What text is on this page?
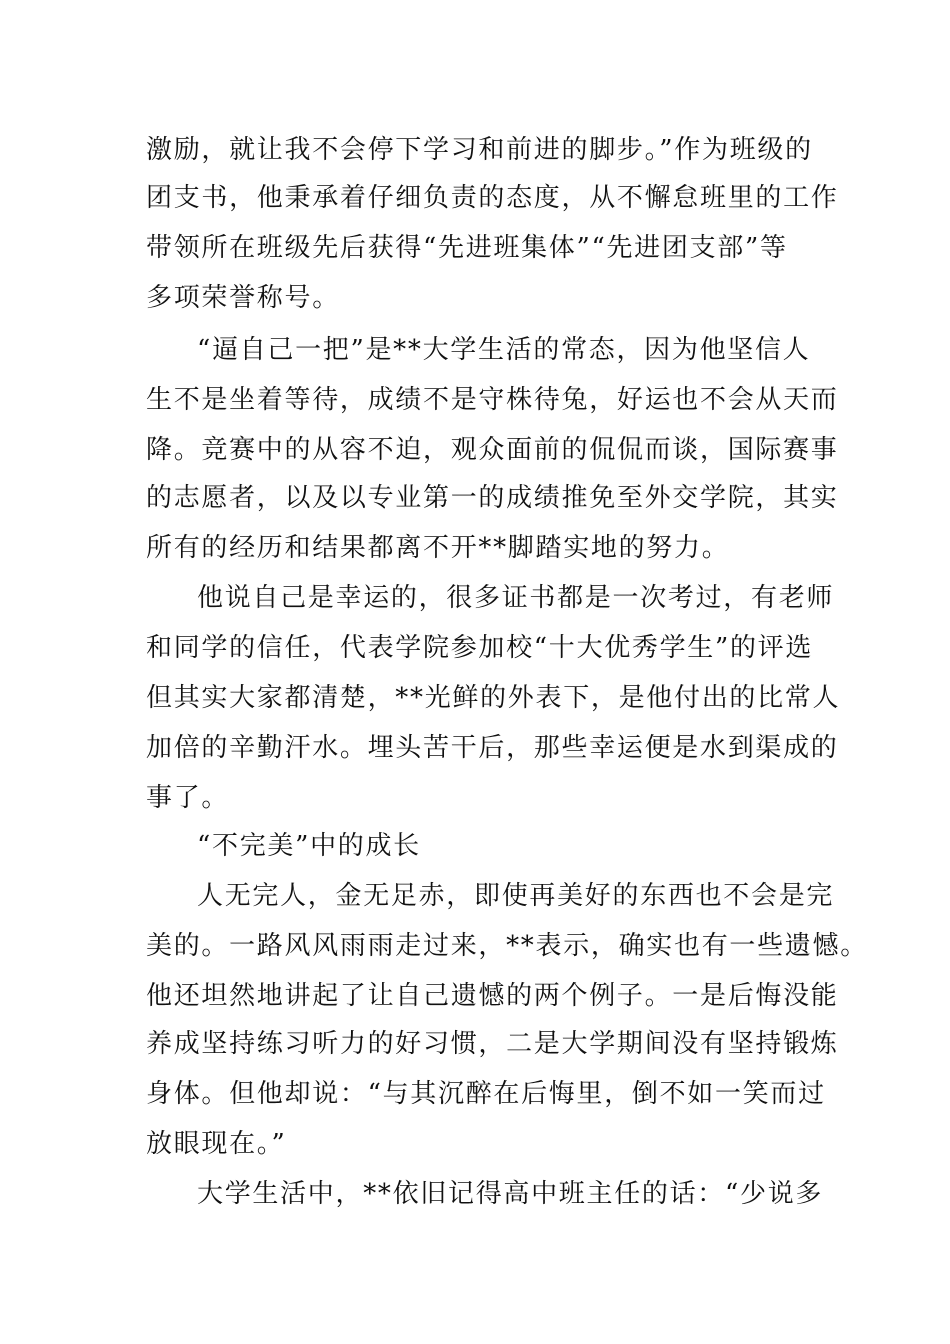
激励，就让我不会停下学习和前进的脚步。”作为班级的
团支书，他秉承着仔细负责的态度，从不懈怠班里的工作
带领所在班级先后获得“先进班集体”“先进团支部”等
多项荣誉称号。
“逼自己一把”是**大学生活的常态，因为他坚信人
生不是坐着等待，成绩不是守株待兔，好运也不会从天而
降。竞赛中的从容不迫，观众面前的侃侃而谈，国际赛事
的志愿者，以及以专业第一的成绩推免至外交学院，其实
所有的经历和结果都离不开**脚踏实地的努力。
他说自己是幸运的，很多证书都是一次考过，有老师
和同学的信任，代表学院参加校“十大优秀学生”的评选
但其实大家都清楚，**光鲜的外表下，是他付出的比常人
加倍的辛勤汗水。埋头苦干后，那些幸运便是水到渠成的
事了。
“不完美”中的成长
人无完人，金无足赤，即使再美好的东西也不会是完
美的。一路风风雨雨走过来，**表示，确实也有一些遗憾。
他还坦然地讲起了让自己遗憾的两个例子。一是后悔没能
养成坚持练习听力的好习惯，二是大学期间没有坚持锻炼
身体。但他却说：“与其沉醉在后悔里，倒不如一笑而过
放眼现在。”
大学生活中，**依旧记得高中班主任的话：“少说多
